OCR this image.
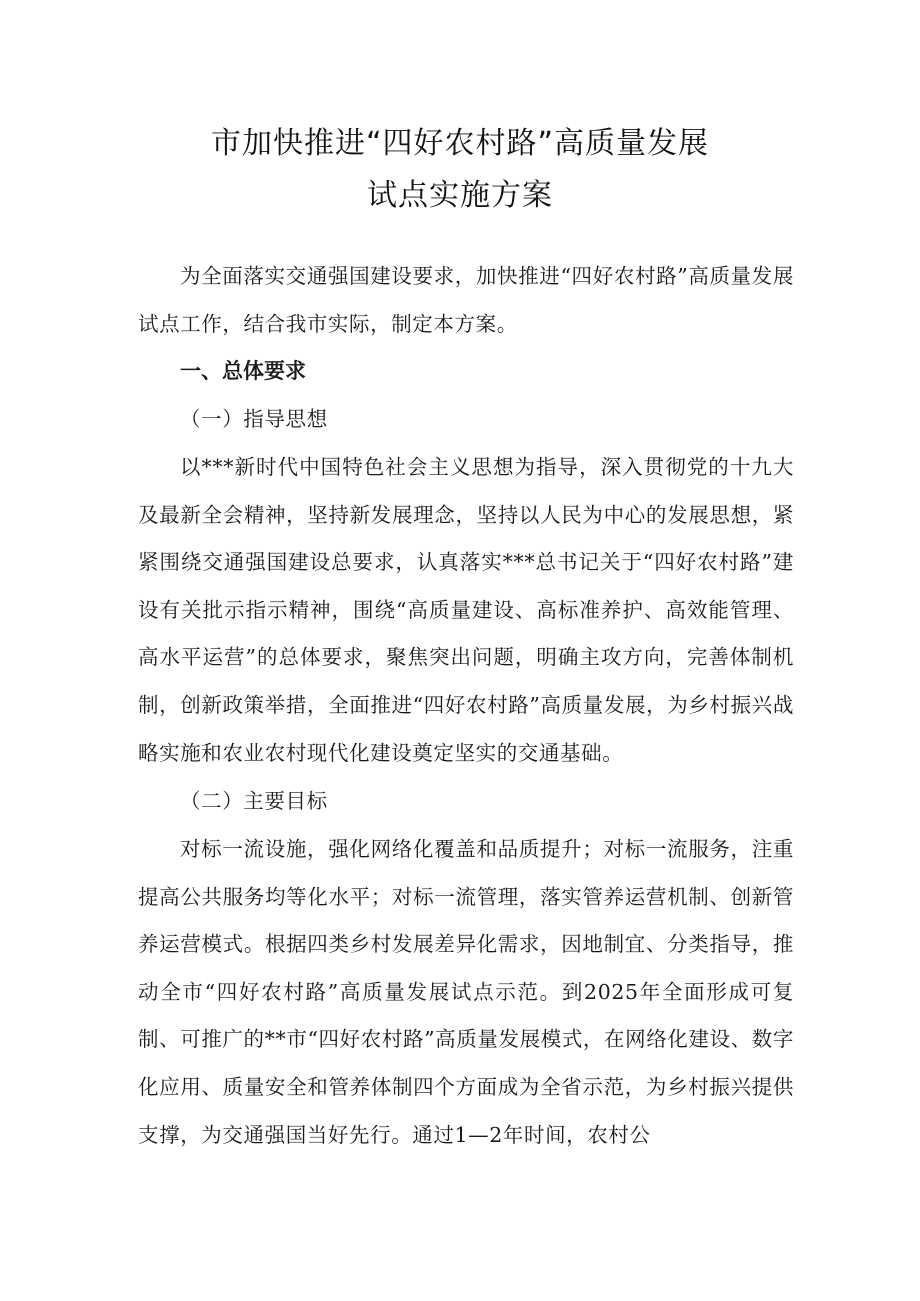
市加快推进“四好农村路”高质量发展
试点实施方案

为全面落实交通强国建设要求，加快推进“四好农村路”高质量发展试点工作，结合我市实际，制定本方案。

一、总体要求
（一）指导思想

以***新时代中国特色社会主义思想为指导，深入贯彻党的十九大及最新全会精神，坚持新发展理念，坚持以人民为中心的发展思想，紧紧围绕交通强国建设总要求，认真落实***总书记关于“四好农村路”建设有关批示指示精神，围绕“高质量建设、高标准养护、高效能管理、高水平运营”的总体要求，聚焦突出问题，明确主攻方向，完善体制机制，创新政策举措，全面推进“四好农村路”高质量发展，为乡村振兴战略实施和农业农村现代化建设奠定坚实的交通基础。

（二）主要目标

对标一流设施，强化网络化覆盖和品质提升；对标一流服务，注重提高公共服务均等化水平；对标一流管理，落实管养运营机制、创新管养运营模式。根据四类乡村发展差异化需求，因地制宜、分类指导，推动全市“四好农村路”高质量发展试点示范。到2025年全面形成可复制、可推广的**市“四好农村路”高质量发展模式，在网络化建设、数字化应用、质量安全和管养体制四个方面成为全省示范，为乡村振兴提供支撑，为交通强国当好先行。通过1—2年时间，农村公
